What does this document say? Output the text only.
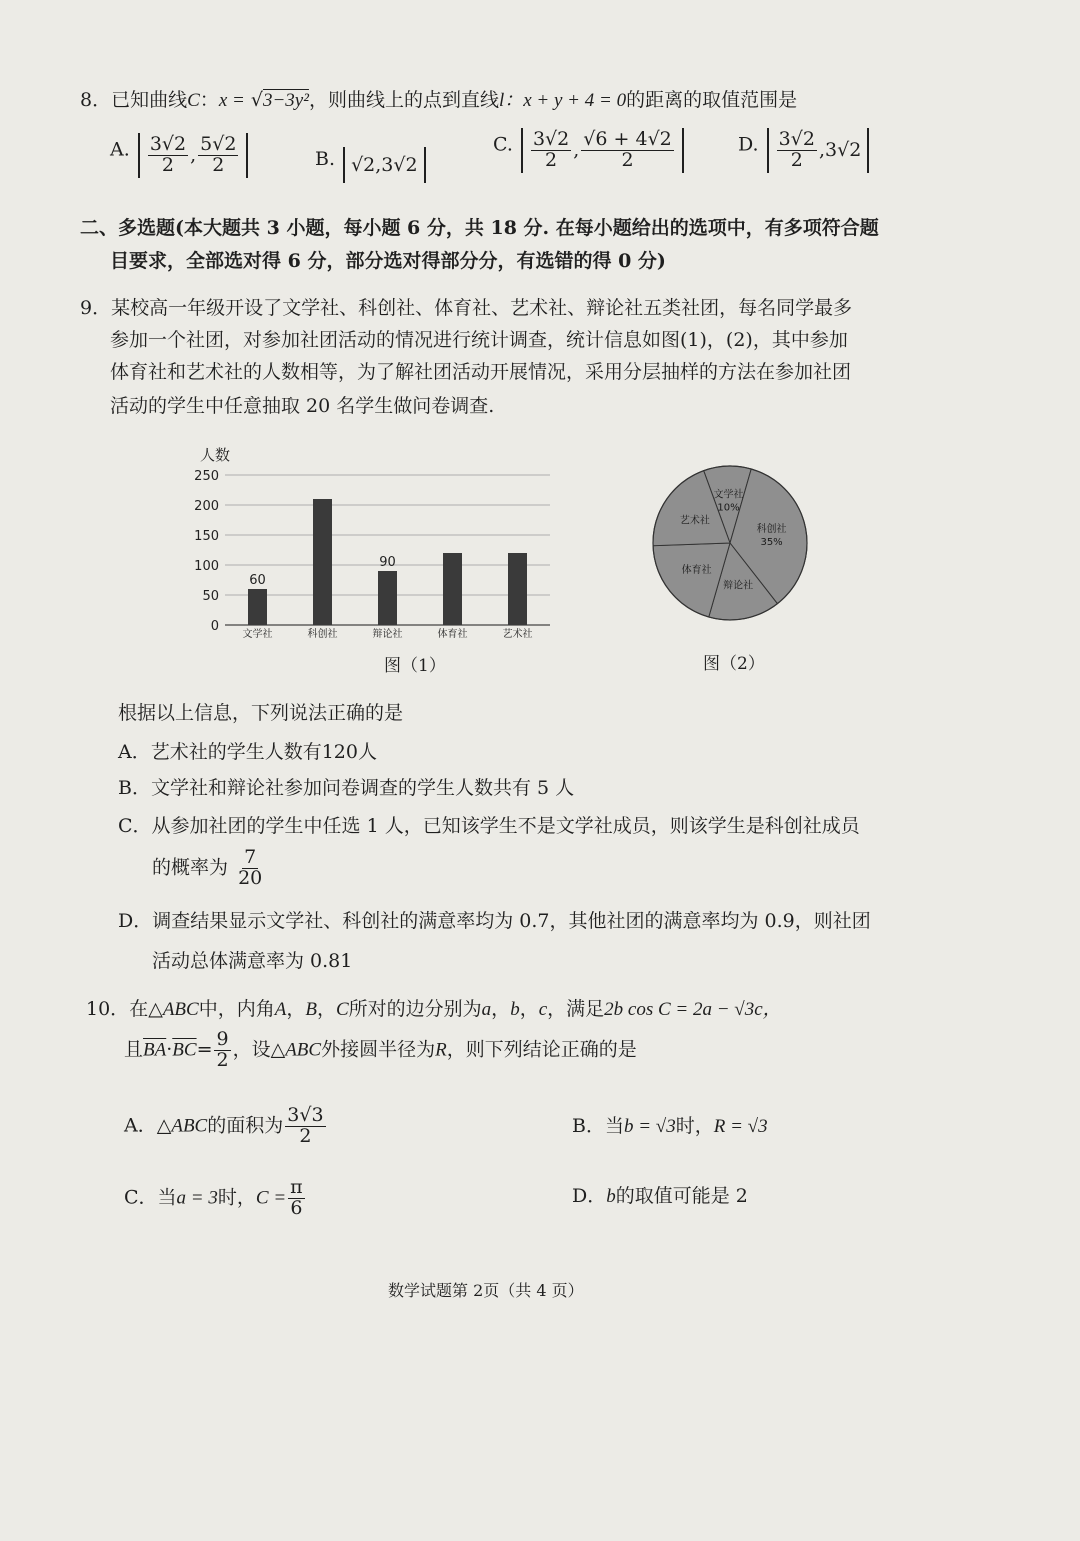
8．已知曲线C：x = √3−3y²，则曲线上的点到直线l：x + y + 4 = 0的距离的取值范围是
A. $\frac{3√2}{2}$ , $\frac{5√2}{2}$	B. √2,3√2
C. $\frac{3√2}{2}$ , $\frac{√6 + 4√2}{2}$	D. $\frac{3√2}{2} ,3√2$
二、多选题(本大题共 3 小题，每小题 6 分，共 18 分. 在每小题给出的选项中，有多项符合题
目要求，全部选对得 6 分，部分选对得部分分，有选错的得 0 分)
9．某校高一年级开设了文学社、科创社、体育社、艺术社、辩论社五类社团，每名同学最多
参加一个社团，对参加社团活动的情况进行统计调查，统计信息如图(1)，(2)，其中参加
体育社和艺术社的人数相等，为了解社团活动开展情况，采用分层抽样的方法在参加社团
活动的学生中任意抽取 20 名学生做问卷调查.
人数
0
50
100
150
200
250
文学社	科创社	辩论社	体育社	艺术社
60
90
图（1）
文学社
10%
科创社
35%
辩论社
体育社
艺术社
图（2）
根据以上信息，下列说法正确的是
A．艺术社的学生人数有120人
B．文学社和辩论社参加问卷调查的学生人数共有 5 人
C．从参加社团的学生中任选 1 人，已知该学生不是文学社成员，则该学生是科创社成员
的概率为 $\frac{7}{20}$
D．调查结果显示文学社、科创社的满意率均为 0.7，其他社团的满意率均为 0.9，则社团
活动总体满意率为 0.81
10．在△ABC中，内角A，B，C所对的边分别为a，b，c，满足2b cos C = 2a − √3c，
且$\overline{BA}\cdot\overline{BC}= \frac{9}{2}$ ，设△ABC外接圆半径为R，则下列结论正确的是
A．△ABC的面积为 $\frac{3√3}{2}$	B．当b = √3时，R = √3
C．当a = 3时，$C = \frac{\pi}{6}$	D．b的取值可能是 2
数学试题第 2页（共 4 页）
